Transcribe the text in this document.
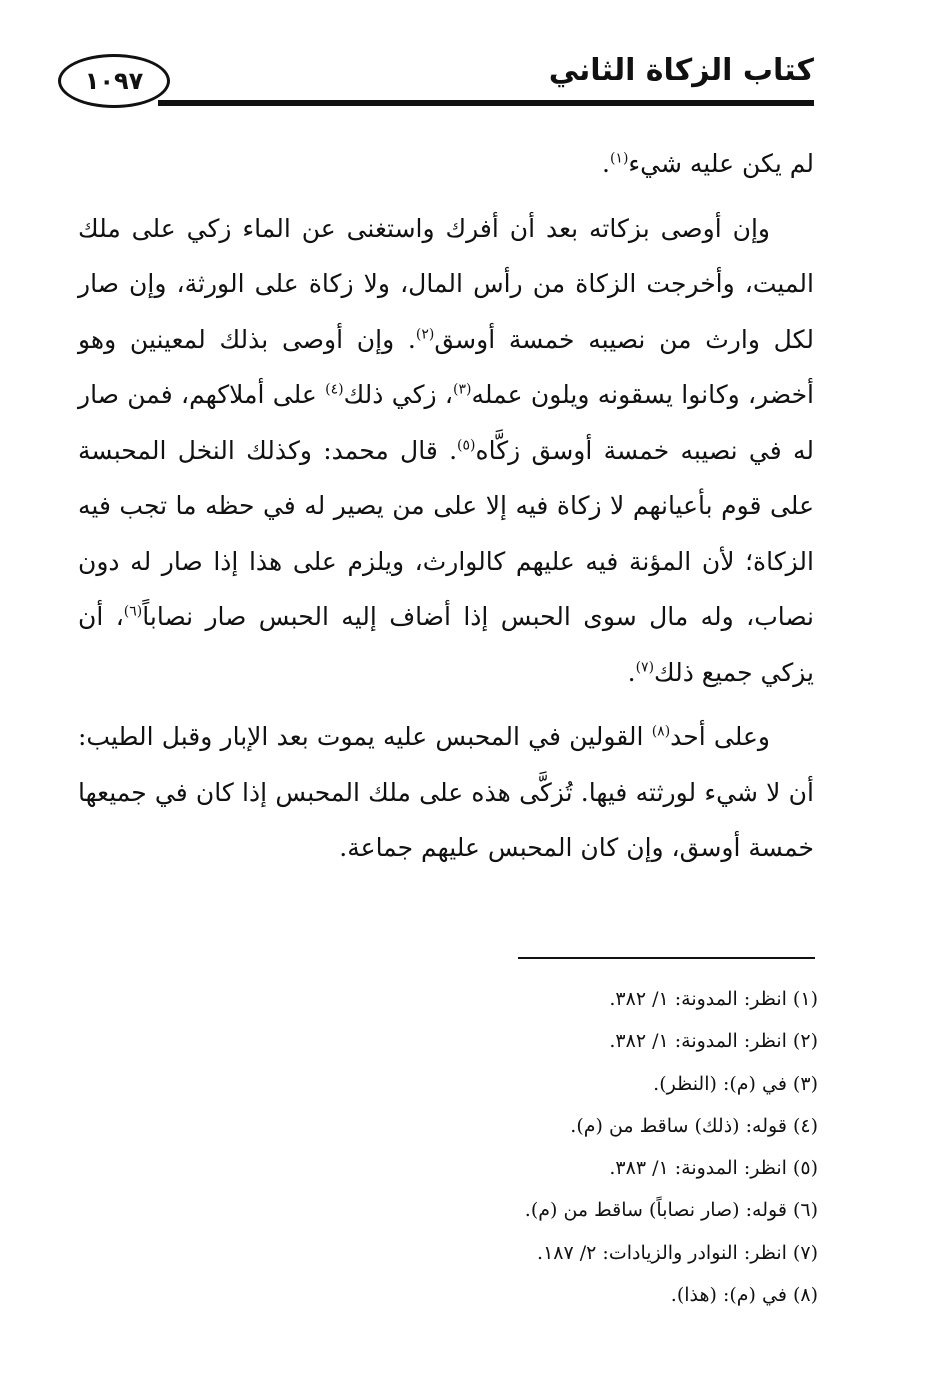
١٠٩٧	كتاب الزكاة الثاني

لم يكن عليه شيء$^{(١)}$.

وإن أوصى بزكاته بعد أن أفرك واستغنى عن الماء زكي على ملك الميت، وأخرجت الزكاة من رأس المال، ولا زكاة على الورثة، وإن صار لكل وارث من نصيبه خمسة أوسق$^{(٢)}$. وإن أوصى بذلك لمعينين وهو أخضر، وكانوا يسقونه ويلون عمله$^{(٣)}$، زكي ذلك$^{(٤)}$ على أملاكهم، فمن صار له في نصيبه خمسة أوسق زكَّاه$^{(٥)}$. قال محمد: وكذلك النخل المحبسة على قوم بأعيانهم لا زكاة فيه إلا على من يصير له في حظه ما تجب فيه الزكاة؛ لأن المؤنة فيه عليهم كالوارث، ويلزم على هذا إذا صار له دون نصاب، وله مال سوى الحبس إذا أضاف إليه الحبس صار نصاباً$^{(٦)}$، أن يزكي جميع ذلك$^{(٧)}$.

وعلى أحد$^{(٨)}$ القولين في المحبس عليه يموت بعد الإبار وقبل الطيب: أن لا شيء لورثته فيها. تُزكَّى هذه على ملك المحبس إذا كان في جميعها خمسة أوسق، وإن كان المحبس عليهم جماعة.

(١) انظر: المدونة: ١/ ٣٨٢.
(٢) انظر: المدونة: ١/ ٣٨٢.
(٣) في (م): (النظر).
(٤) قوله: (ذلك) ساقط من (م).
(٥) انظر: المدونة: ١/ ٣٨٣.
(٦) قوله: (صار نصاباً) ساقط من (م).
(٧) انظر: النوادر والزيادات: ٢/ ١٨٧.
(٨) في (م): (هذا).
